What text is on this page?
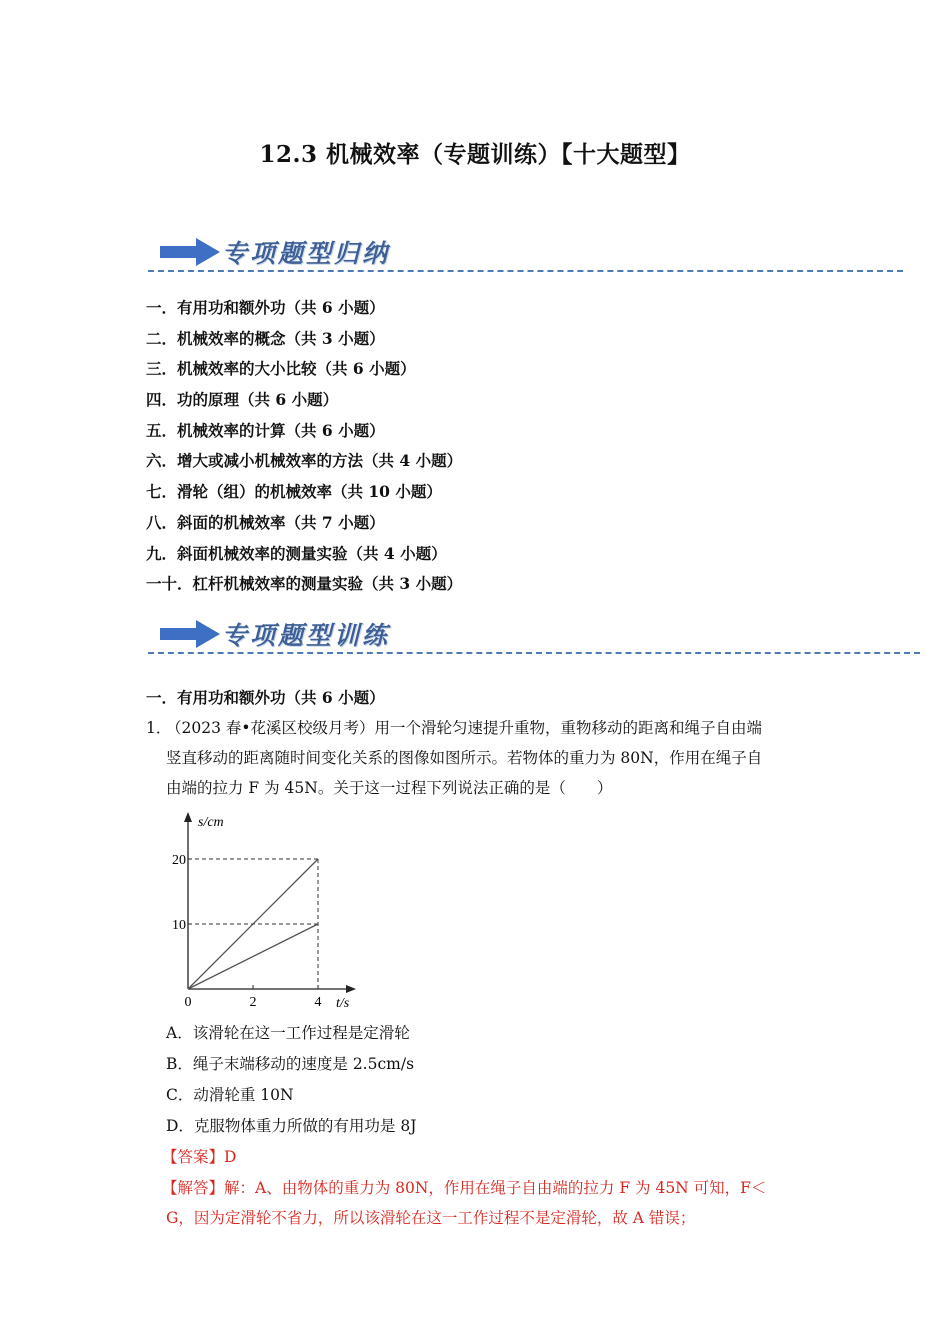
12.3 机械效率（专题训练）【十大题型】
专项题型归纳
一．有用功和额外功（共 6 小题）
二．机械效率的概念（共 3 小题）
三．机械效率的大小比较（共 6 小题）
四．功的原理（共 6 小题）
五．机械效率的计算（共 6 小题）
六．增大或减小机械效率的方法（共 4 小题）
七．滑轮（组）的机械效率（共 10 小题）
八．斜面的机械效率（共 7 小题）
九．斜面机械效率的测量实验（共 4 小题）
一十．杠杆机械效率的测量实验（共 3 小题）
专项题型训练
一．有用功和额外功（共 6 小题）
1．
（2023 春•花溪区校级月考）用一个滑轮匀速提升重物，重物移动的距离和绳子自由端
竖直移动的距离随时间变化关系的图像如图所示。若物体的重力为 80N，作用在绳子自
由端的拉力 F 为 45N。关于这一过程下列说法正确的是（　　）
0	2	4
10
20
t/s
s/cm
A．该滑轮在这一工作过程是定滑轮
B．绳子末端移动的速度是 2.5cm/s
C．动滑轮重 10N
D．克服物体重力所做的有用功是 8J
【答案】D
【解答】解：A、由物体的重力为 80N，作用在绳子自由端的拉力 F 为 45N 可知，F＜
G，因为定滑轮不省力，所以该滑轮在这一工作过程不是定滑轮，故 A 错误；
